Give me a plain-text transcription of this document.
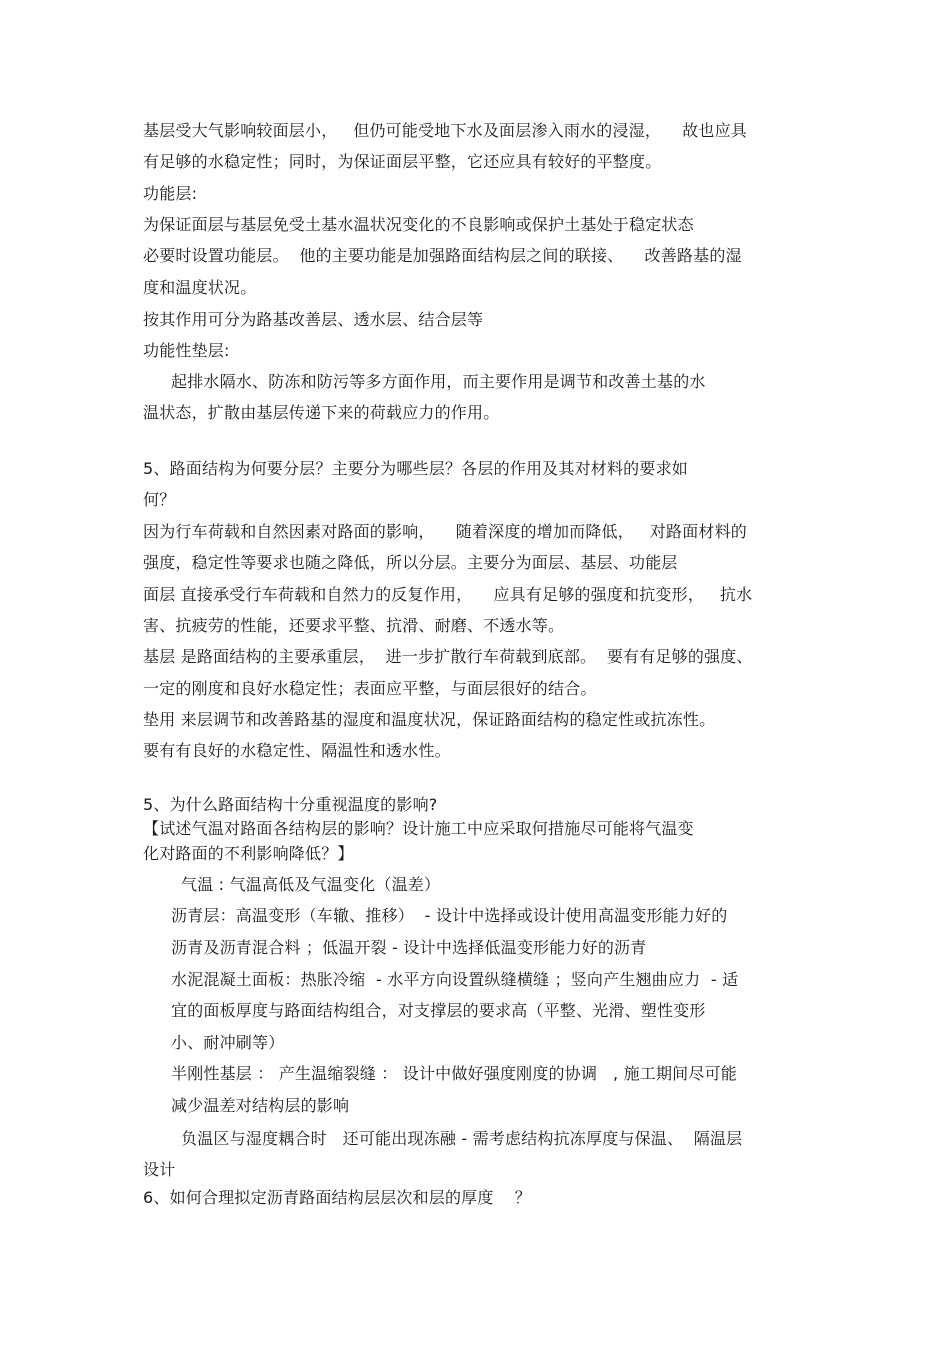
基层受大气影响较面层小，   但仍可能受地下水及面层渗入雨水的浸湿，    故也应具
有足够的水稳定性；同时，为保证面层平整，它还应具有较好的平整度。
功能层:
为保证面层与基层免受土基水温状况变化的不良影响或保护土基处于稳定状态
必要时设置功能层。  他的主要功能是加强路面结构层之间的联接、    改善路基的湿
度和温度状况。
按其作用可分为路基改善层、透水层、结合层等
功能性垫层:
起排水隔水、防冻和防污等多方面作用，而主要作用是调节和改善土基的水
温状态，扩散由基层传递下来的荷载应力的作用。
5、路面结构为何要分层？主要分为哪些层？各层的作用及其对材料的要求如
何？
因为行车荷载和自然因素对路面的影响，    随着深度的增加而降低，   对路面材料的
强度，稳定性等要求也随之降低，所以分层。主要分为面层、基层、功能层
面层 直接承受行车荷载和自然力的反复作用，    应具有足够的强度和抗变形，   抗水
害、抗疲劳的性能，还要求平整、抗滑、耐磨、不透水等。
基层 是路面结构的主要承重层，  进一步扩散行车荷载到底部。  要有有足够的强度、
一定的刚度和良好水稳定性；表面应平整，与面层很好的结合。
垫用 来层调节和改善路基的湿度和温度状况，保证路面结构的稳定性或抗冻性。
要有有良好的水稳定性、隔温性和透水性。
5、为什么路面结构十分重视温度的影响?
【试述气温对路面各结构层的影响？设计施工中应采取何措施尽可能将气温变
化对路面的不利影响降低？】
气温 : 气温高低及气温变化（温差）
沥青层：高温变形（车辙、推移）  - 设计中选择或设计使用高温变形能力好的
沥青及沥青混合料 ；低温开裂 - 设计中选择低温变形能力好的沥青
水泥混凝土面板：热胀冷缩  - 水平方向设置纵缝横缝 ；竖向产生翘曲应力  - 适
宜的面板厚度与路面结构组合，对支撑层的要求高（平整、光滑、塑性变形
小、耐冲刷等）
半刚性基层 ： 产生温缩裂缝 ： 设计中做好强度刚度的协调   , 施工期间尽可能
减少温差对结构层的影响
负温区与湿度耦合时   还可能出现冻融 - 需考虑结构抗冻厚度与保温、  隔温层
设计
6、如何合理拟定沥青路面结构层层次和层的厚度    ？
